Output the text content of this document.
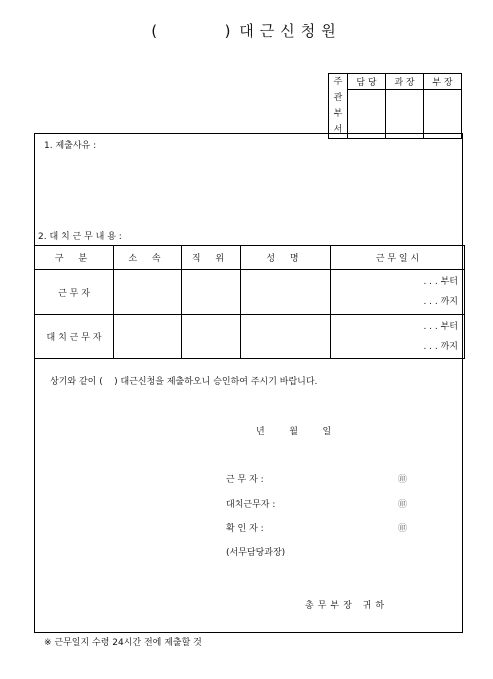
(	) 대근신청원
주관부서	담 당	과 장	부 장

1. 제출사유 :
2. 대 치 근 무 내 용 :
구 분	소 속	직 위	성 명	근 무 일 시
근 무 자				. . . 부터
. . . 까지

대 치 근 무 자				. . . 부터
. . . 까지
상기와 같이 (    ) 대근신청을 제출하오니 승인하여 주시기 바랍니다.
년   월   일
근 무 자 :	㊞
대치근무자 :	㊞
확 인 자 :	㊞
(서무담당과장)
총무부장 귀하
※ 근무일지 수령 24시간 전에 제출할 것
